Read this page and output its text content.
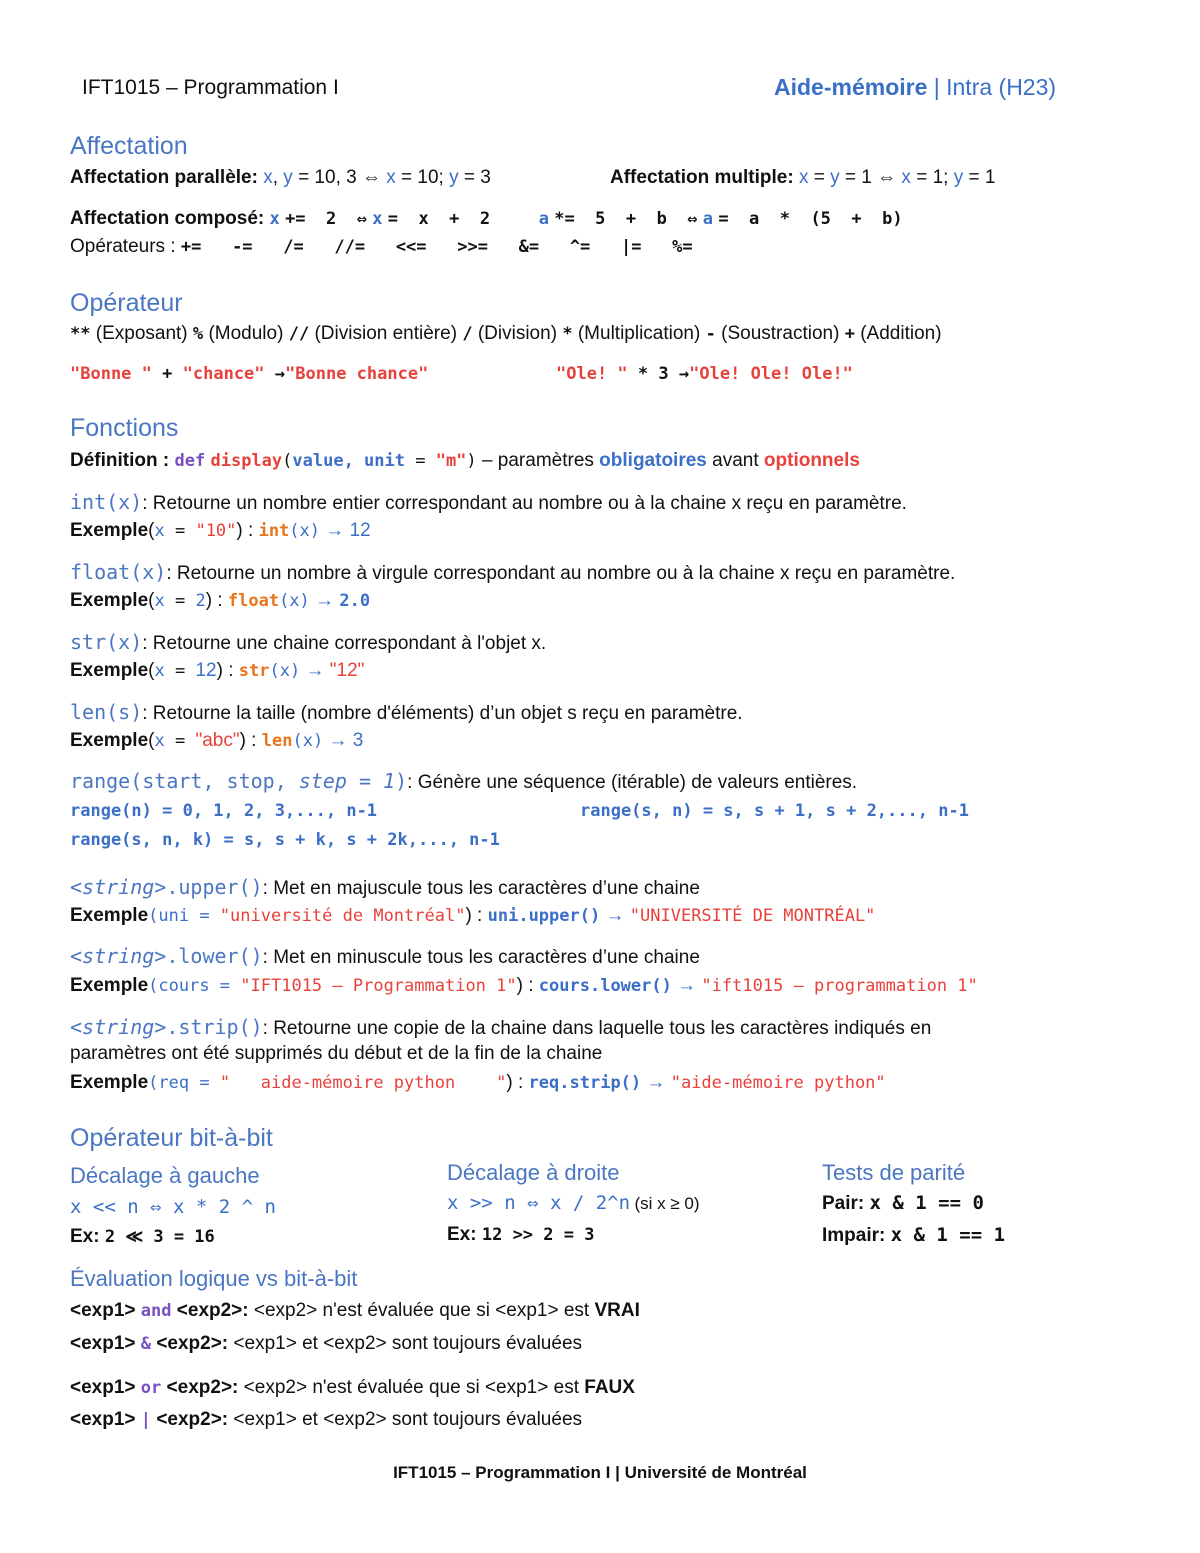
IFT1015 – Programmation I	Aide-mémoire | Intra (H23)
Affectation
Affectation parallèle: x, y = 10, 3 ⇔ x = 10; y = 3	Affectation multiple: x = y = 1 ⇔ x = 1; y = 1
Affectation composé: x +=  2  ⇔ x =  x  +  2	a *=  5  +  b  ⇔ a =  a  *  (5  +  b)
Opérateurs : +=   -=   /=   //=   <<=   >>=   &=   ^=   |=   %=
Opérateur
** (Exposant) % (Modulo) // (Division entière) / (Division) * (Multiplication) - (Soustraction) + (Addition)
"Bonne " + "chance" →"Bonne chance"	"Ole! " * 3 →"Ole! Ole! Ole!"
Fonctions
Définition : def display(value, unit = "m") – paramètres obligatoires avant optionnels
int(x): Retourne un nombre entier correspondant au nombre ou à la chaine x reçu en paramètre.
Exemple(x = "10") : int(x) → 12
float(x): Retourne un nombre à virgule correspondant au nombre ou à la chaine x reçu en paramètre.
Exemple(x = 2) : float(x) → 2.0
str(x): Retourne une chaine correspondant à l'objet x.
Exemple(x = 12) : str(x) → "12"
len(s): Retourne la taille (nombre d'éléments) d’un objet s reçu en paramètre.
Exemple(x = "abc") : len(x) → 3
range(start, stop, step = 1): Génère une séquence (itérable) de valeurs entières.
range(n) = 0, 1, 2, 3,..., n-1	range(s, n) = s, s + 1, s + 2,..., n-1
range(s, n, k) = s, s + k, s + 2k,..., n-1
<string>.upper(): Met en majuscule tous les caractères d’une chaine
Exemple(uni = "université de Montréal") : uni.upper() → "UNIVERSITÉ DE MONTRÉAL"
<string>.lower(): Met en minuscule tous les caractères d’une chaine
Exemple(cours = "IFT1015 – Programmation 1") : cours.lower() → "ift1015 – programmation 1"
<string>.strip(): Retourne une copie de la chaine dans laquelle tous les caractères indiqués en
paramètres ont été supprimés du début et de la fin de la chaine
Exemple(req = "   aide-mémoire python    ") : req.strip() → "aide-mémoire python"
Opérateur bit-à-bit
Décalage à gauche
x << n ⇔ x * 2 ^ n
Ex: 2 ≪ 3 = 16
Décalage à droite
x >> n ⇔ x / 2^n (si x ≥ 0)
Ex: 12 >> 2 = 3
Tests de parité
Pair: x & 1 == 0
Impair: x & 1 == 1
Évaluation logique vs bit-à-bit
<exp1> and <exp2>: <exp2> n'est évaluée que si <exp1> est VRAI
<exp1> & <exp2>: <exp1> et <exp2> sont toujours évaluées
<exp1> or <exp2>: <exp2> n'est évaluée que si <exp1> est FAUX
<exp1> | <exp2>: <exp1> et <exp2> sont toujours évaluées
IFT1015 – Programmation I | Université de Montréal
